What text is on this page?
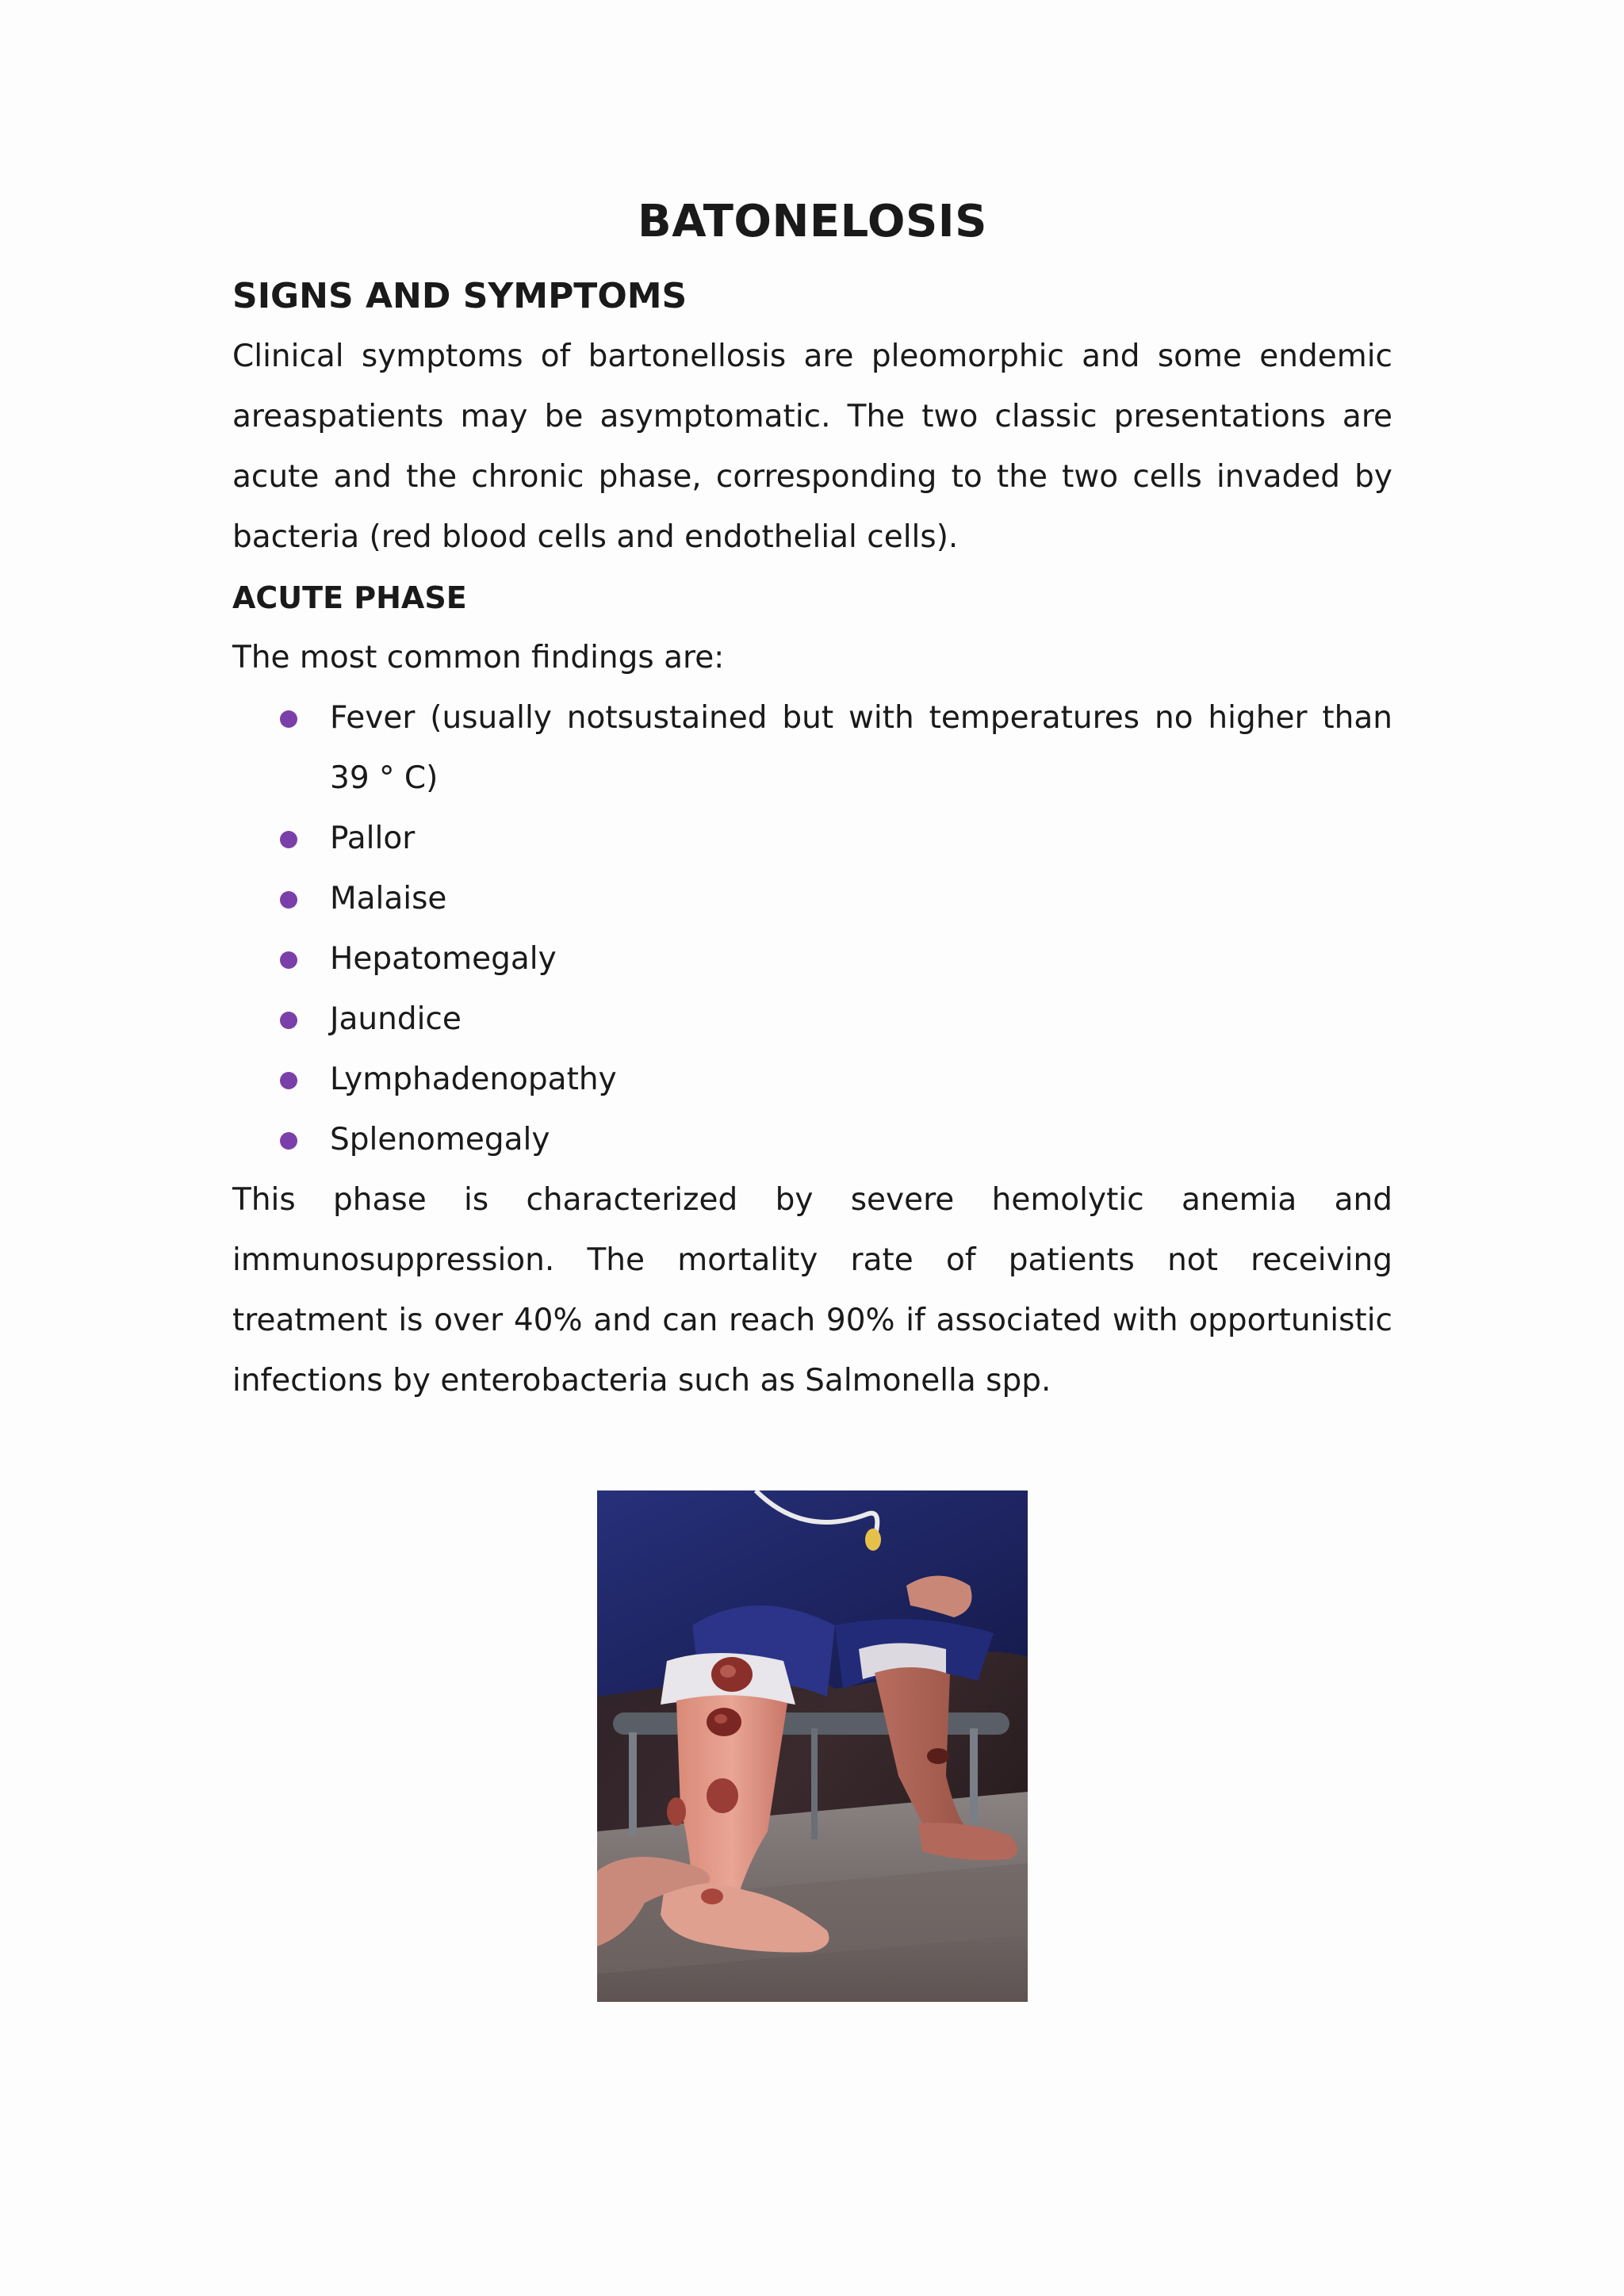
BATONELOSIS
SIGNS AND SYMPTOMS

Clinical symptoms of bartonellosis are pleomorphic and some endemic areaspatients may be asymptomatic. The two classic presentations are acute and the chronic phase, corresponding to the two cells invaded by bacteria (red blood cells and endothelial cells).

ACUTE PHASE

The most common findings are:

Fever (usually notsustained but with temperatures no higher than 39 ° C)
Pallor
Malaise
Hepatomegaly
Jaundice
Lymphadenopathy
Splenomegaly

This phase is characterized by severe hemolytic anemia and immunosuppression. The mortality rate of patients not receiving treatment is over 40% and can reach 90% if associated with opportunistic infections by enterobacteria such as Salmonella spp.
